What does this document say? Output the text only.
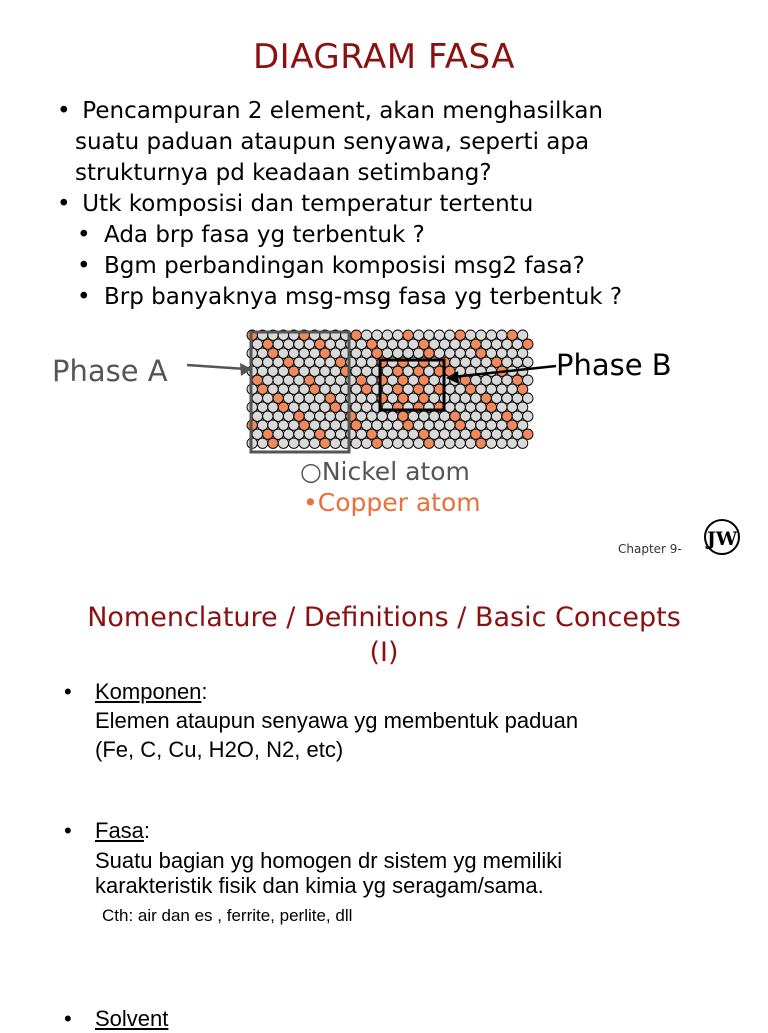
DIAGRAM FASA
• Pencampuran 2 element, akan menghasilkan
suatu paduan ataupun senyawa, seperti apa
strukturnya pd keadaan setimbang?
• Utk komposisi dan temperatur tertentu
• Ada brp fasa yg terbentuk ?
• Bgm perbandingan komposisi msg2 fasa?
• Brp banyaknya msg-msg fasa yg terbentuk ?
Phase A	Phase B
○Nickel atom
•Copper atom
Chapter 9- JW
Nomenclature / Definitions / Basic Concepts
(I)
• Komponen:
Elemen ataupun senyawa yg membentuk paduan
(Fe, C, Cu, H2O, N2, etc)
• Fasa:
Suatu bagian yg homogen dr sistem yg memiliki
karakteristik fisik dan kimia yg seragam/sama.
Cth: air dan es , ferrite, perlite, dll
• Solvent
